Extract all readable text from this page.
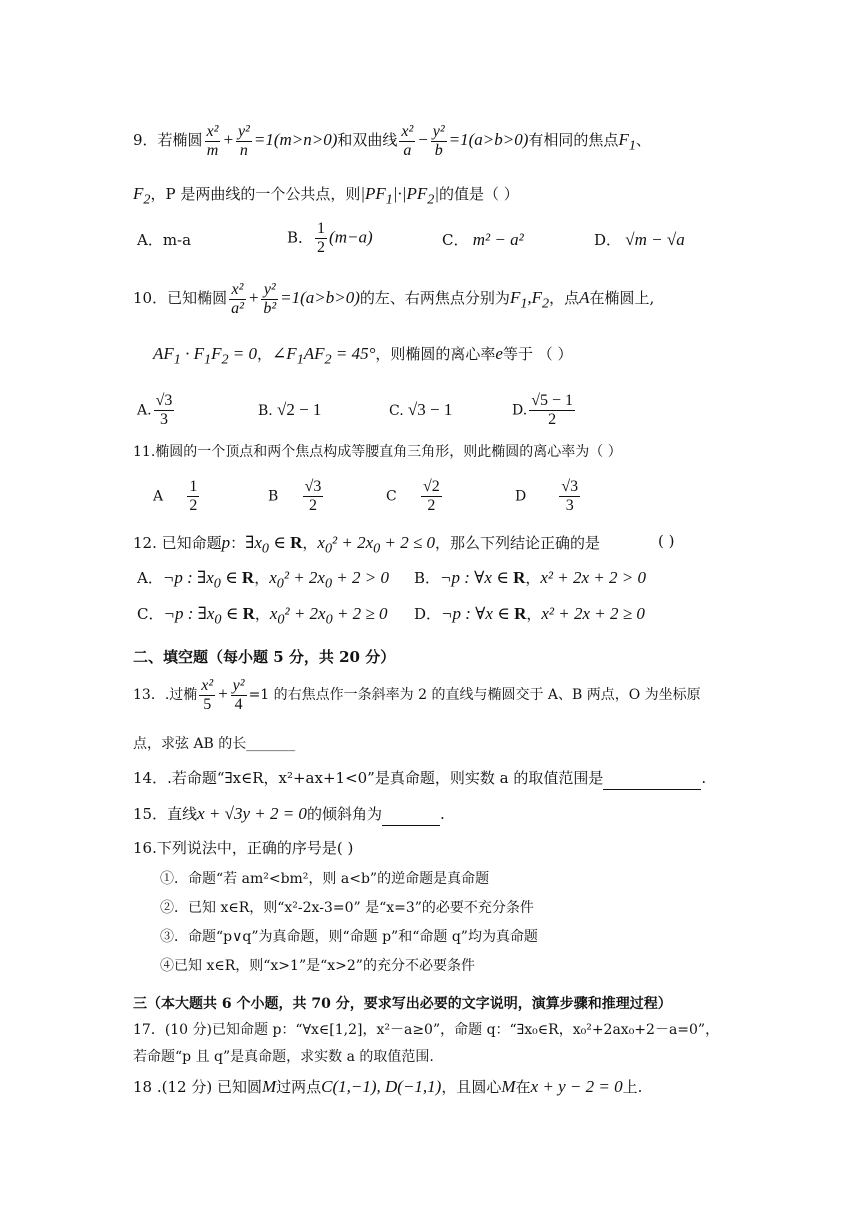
9．若椭圆 $\frac{\text{x²}}{m} + \frac{\text{y²}}{n} =1(m>n>0)$和双曲线 $\frac{\text{x²}}{a} - \frac{\text{y²}}{b} =1(a>b>0)$有相同的焦点$F_1$、
$F_2$，P 是两曲线的一个公共点，则$|PF_1|\cdot|PF_2|$的值是（ ）
A．m-a	B． $\frac{1}{2} (m-a)$	C． m² − a²	D． √m − √a
10．已知椭圆 $\frac{\text{x²}}{\text{a²}} + \frac{\text{y²}}{\text{b²}} =1(a>b>0)$的左、右两焦点分别为$F_1,F_2$，点A在椭圆上,
$AF_1 \cdot F_1F_2 = 0$，$\angle F_1AF_2 = 45^\circ$，则椭圆的离心率e等于 （ ）
A. $\frac{√3}{3}$	B. √2 − 1	C. √3 − 1	D. $\frac{√5 - 1}{2}$
11.椭圆的一个顶点和两个焦点构成等腰直角三角形，则此椭圆的离心率为（ ）
A $\frac{1}{2}$	B $\frac{√3}{2}$	C $\frac{√2}{2}$	D $\frac{√3}{3}$
12. 已知命题p：$\exists x_0$ ∈ R，$x_0^2 + 2x_0 + 2 \le 0$，那么下列结论正确的是	( )
A．¬p : $\exists x_0$ ∈ R，$x_0^2 + 2x_0 + 2 > 0$ B．¬p : ∀x ∈ R，x² + 2x + 2 > 0
C．¬p : $\exists x_0$ ∈ R，$x_0^2 + 2x_0 + 2 \ge 0$ D．¬p : ∀x ∈ R，x² + 2x + 2 ≥ 0
二、填空题（每小题 5 分，共 20 分）
13．.过椭 $\frac{\text{x²}}{5} + \frac{\text{y²}}{4} =1$ 的右焦点作一条斜率为 2 的直线与椭圆交于 A、B 两点，O 为坐标原
点，求弦 AB 的长_______
14．.若命题“∃x∈R，x²+ax+1<0”是真命题，则实数 a 的取值范围是	.
15．直线x + √3y + 2 = 0的倾斜角为	.
16.下列说法中，正确的序号是( )
①．命题“若 am²<bm²，则 a<b”的逆命题是真命题
②．已知 x∈R，则“x²-2x-3=0” 是“x=3”的必要不充分条件
③．命题“p∨q”为真命题，则“命题 p”和“命题 q”均为真命题
④已知 x∈R，则“x>1”是“x>2”的充分不必要条件
三（本大题共 6 个小题，共 70 分，要求写出必要的文字说明，演算步骤和推理过程）
17．(10 分)已知命题 p：“∀x∈[1,2]，x²－a≥0”，命题 q：“∃x₀∈R，x₀²+2ax₀+2－a=0”，
若命题“p 且 q”是真命题，求实数 a 的取值范围.
18 .(12 分) 已知圆M过两点C(1,−1), D(−1,1)，且圆心M在x + y − 2 = 0上.
